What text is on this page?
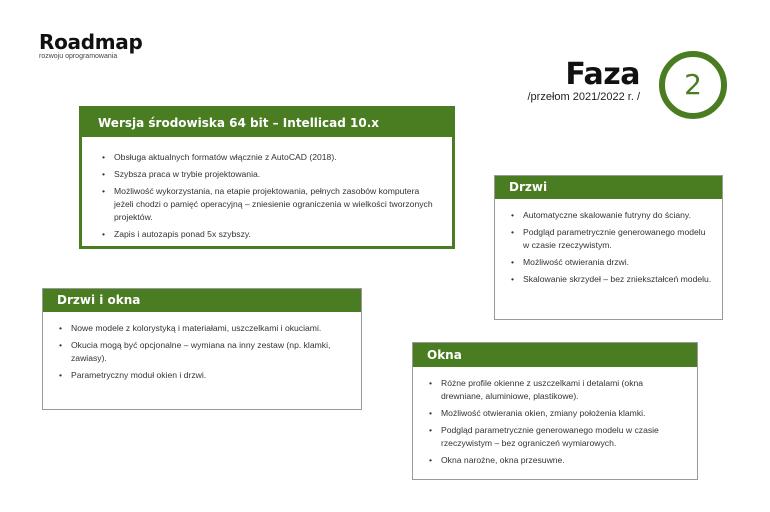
Roadmap
rozwoju oprogramowania
Faza
/przełom 2021/2022 r. /	2
Wersja środowiska 64 bit – Intellicad 10.x
• Obsługa aktualnych formatów włącznie z AutoCAD (2018).
• Szybsza praca w trybie projektowania.
• Możliwość wykorzystania, na etapie projektowania, pełnych zasobów komputera jeżeli chodzi o pamięć operacyjną – zniesienie ograniczenia w wielkości tworzonych projektów.
• Zapis i autozapis ponad 5x szybszy.
Drzwi
• Automatyczne skalowanie futryny do ściany.
• Podgląd parametrycznie generowanego modelu w czasie rzeczywistym.
• Możliwość otwierania drzwi.
• Skalowanie skrzydeł – bez zniekształceń modelu.
Drzwi i okna
• Nowe modele z kolorystyką i materiałami, uszczelkami i okuciami.
• Okucia mogą być opcjonalne – wymiana na inny zestaw (np. klamki, zawiasy).
• Parametryczny moduł okien i drzwi.
Okna
• Różne profile okienne z uszczelkami i detalami (okna drewniane, aluminiowe, plastikowe).
• Możliwość otwierania okien, zmiany położenia klamki.
• Podgląd parametrycznie generowanego modelu w czasie rzeczywistym – bez ograniczeń wymiarowych.
• Okna narożne, okna przesuwne.
